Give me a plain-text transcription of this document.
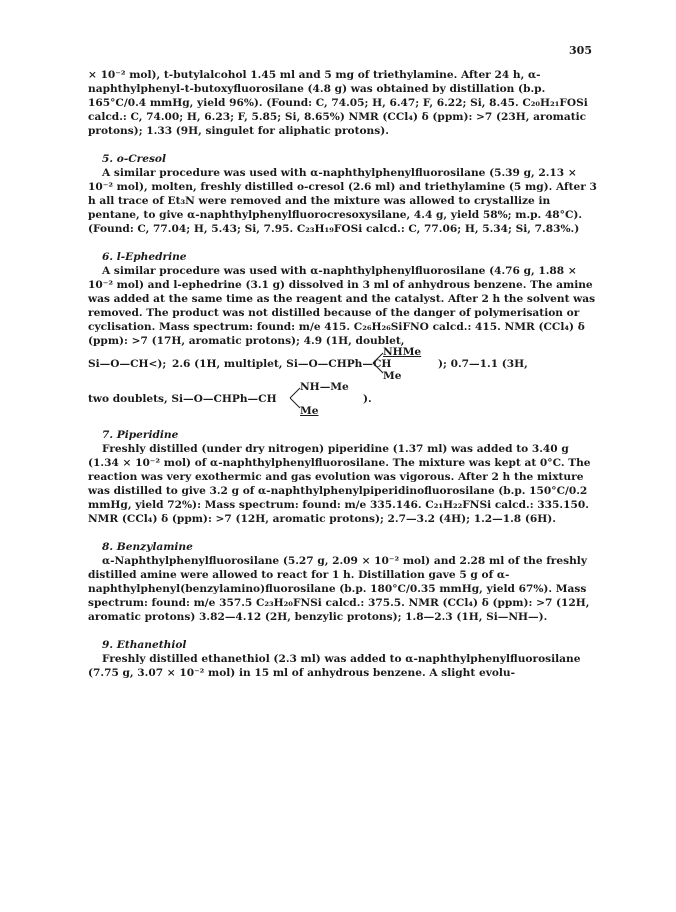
305

× 10⁻² mol), t-butylalcohol 1.45 ml and 5 mg of triethylamine. After 24 h, α-naphthylphenyl-t-butoxyfluorosilane (4.8 g) was obtained by distillation (b.p. 165°C/0.4 mmHg, yield 96%). (Found: C, 74.05; H, 6.47; F, 6.22; Si, 8.45. C₂₀H₂₁FOSi calcd.: C, 74.00; H, 6.23; F, 5.85; Si, 8.65%) NMR (CCl₄) δ (ppm): >7 (23H, aromatic protons); 1.33 (9H, singulet for aliphatic protons).

5. o-Cresol

A similar procedure was used with α-naphthylphenylfluorosilane (5.39 g, 2.13 × 10⁻² mol), molten, freshly distilled o-cresol (2.6 ml) and triethylamine (5 mg). After 3 h all trace of Et₃N were removed and the mixture was allowed to crystallize in pentane, to give α-naphthylphenylfluorocresoxysilane, 4.4 g, yield 58%; m.p. 48°C). (Found: C, 77.04; H, 5.43; Si, 7.95. C₂₃H₁₉FOSi calcd.: C, 77.06; H, 5.34; Si, 7.83%.)

6. l-Ephedrine

A similar procedure was used with α-naphthylphenylfluorosilane (4.76 g, 1.88 × 10⁻² mol) and l-ephedrine (3.1 g) dissolved in 3 ml of anhydrous benzene. The amine was added at the same time as the reagent and the catalyst. After 2 h the solvent was removed. The product was not distilled because of the danger of polymerisation or cyclisation. Mass spectrum: found: m/e 415. C₂₆H₂₆SiFNO calcd.: 415. NMR (CCl₄) δ (ppm): >7 (17H, aromatic protons); 4.9 (1H, doublet,

Si—O—CH<); 2.6 (1H, multiplet, Si—O—CHPh—CH
NHMe
Me
); 0.7—1.1 (3H,
two doublets, Si—O—CHPh—CH
NH—Me
Me
).

7. Piperidine

Freshly distilled (under dry nitrogen) piperidine (1.37 ml) was added to 3.40 g (1.34 × 10⁻² mol) of α-naphthylphenylfluorosilane. The mixture was kept at 0°C. The reaction was very exothermic and gas evolution was vigorous. After 2 h the mixture was distilled to give 3.2 g of α-naphthylphenylpiperidinofluorosilane (b.p. 150°C/0.2 mmHg, yield 72%): Mass spectrum: found: m/e 335.146. C₂₁H₂₂FNSi calcd.: 335.150. NMR (CCl₄) δ (ppm): >7 (12H, aromatic protons); 2.7—3.2 (4H); 1.2—1.8 (6H).

8. Benzylamine

α-Naphthylphenylfluorosilane (5.27 g, 2.09 × 10⁻² mol) and 2.28 ml of the freshly distilled amine were allowed to react for 1 h. Distillation gave 5 g of α-naphthylphenyl(benzylamino)fluorosilane (b.p. 180°C/0.35 mmHg, yield 67%). Mass spectrum: found: m/e 357.5 C₂₃H₂₀FNSi calcd.: 375.5. NMR (CCl₄) δ (ppm): >7 (12H, aromatic protons) 3.82—4.12 (2H, benzylic protons); 1.8—2.3 (1H, Si—NH—).

9. Ethanethiol

Freshly distilled ethanethiol (2.3 ml) was added to α-naphthylphenylfluorosilane (7.75 g, 3.07 × 10⁻² mol) in 15 ml of anhydrous benzene. A slight evolu-
